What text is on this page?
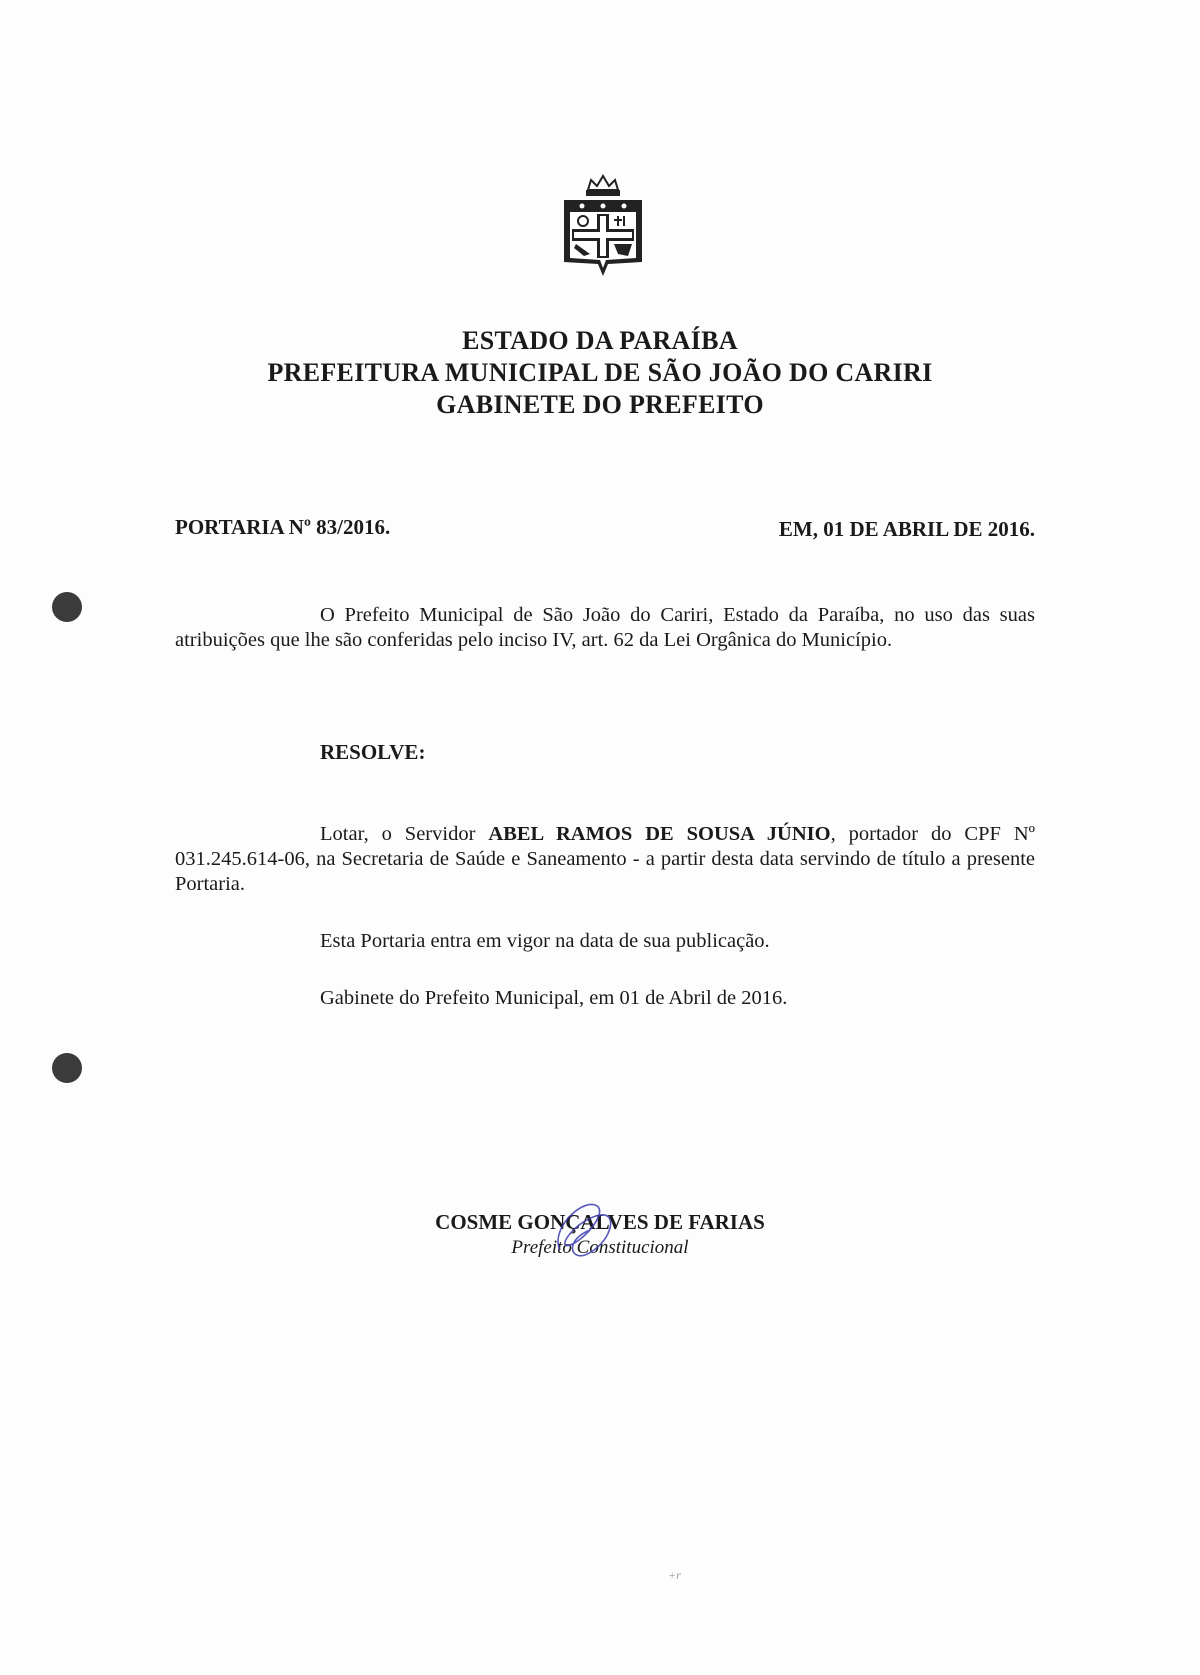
ESTADO DA PARAÍBA
PREFEITURA MUNICIPAL DE SÃO JOÃO DO CARIRI
GABINETE DO PREFEITO
PORTARIA Nº 83/2016.	EM, 01 DE ABRIL DE 2016.
O Prefeito Municipal de São João do Cariri, Estado da Paraíba, no uso das suas atribuições que lhe são conferidas pelo inciso IV, art. 62 da Lei Orgânica do Município.
RESOLVE:
Lotar, o Servidor ABEL RAMOS DE SOUSA JÚNIO, portador do CPF Nº 031.245.614-06, na Secretaria de Saúde e Saneamento - a partir desta data servindo de título a presente Portaria.
Esta Portaria entra em vigor na data de sua publicação.
Gabinete do Prefeito Municipal, em 01 de Abril de 2016.
COSME GONÇALVES DE FARIAS
Prefeito Constitucional
+r
